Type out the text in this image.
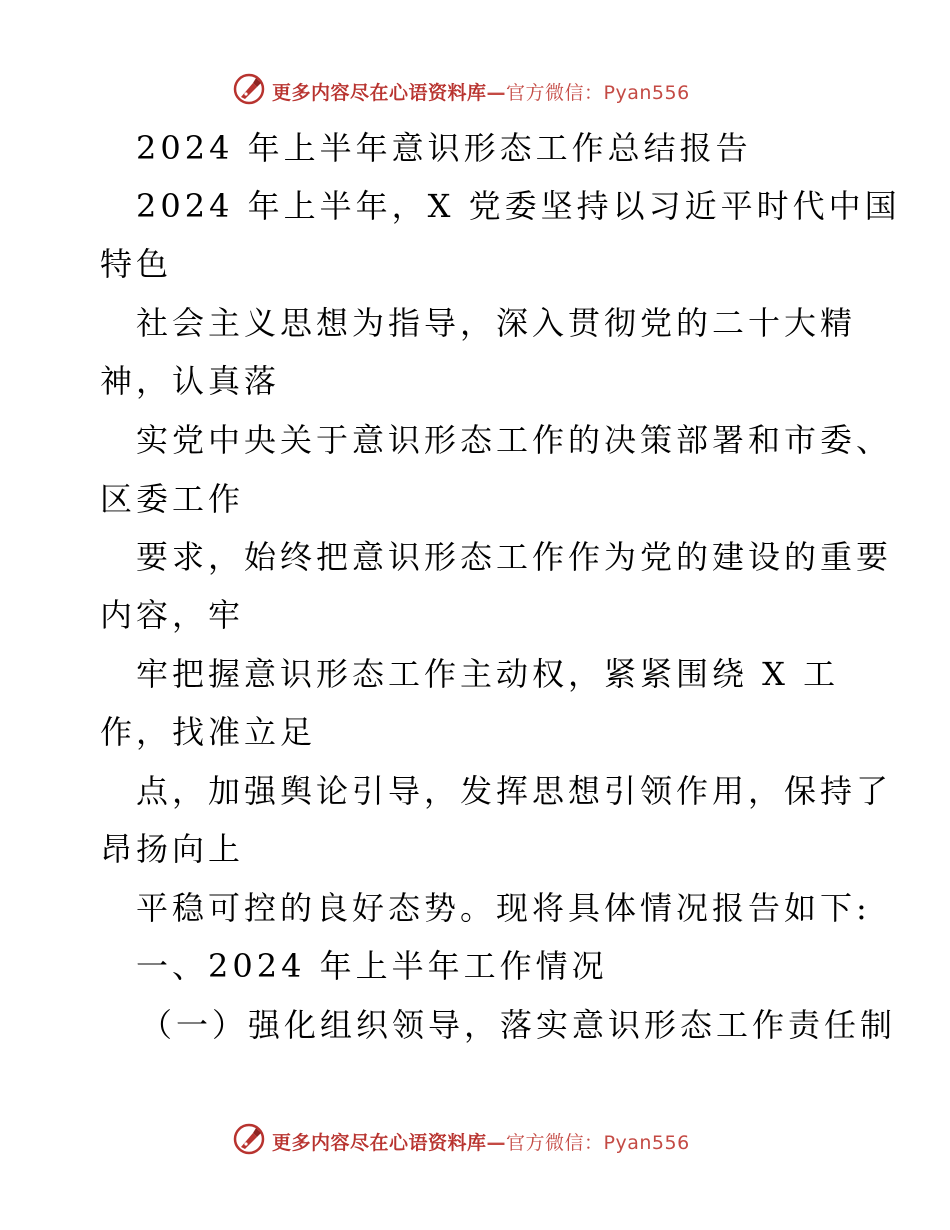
更多内容尽在心语资料库—官方微信：Pyan556
2024 年上半年意识形态工作总结报告
2024 年上半年，X 党委坚持以习近平时代中国
特色
社会主义思想为指导，深入贯彻党的二十大精
神，认真落
实党中央关于意识形态工作的决策部署和市委、
区委工作
要求，始终把意识形态工作作为党的建设的重要
内容，牢
牢把握意识形态工作主动权，紧紧围绕 X 工
作，找准立足
点，加强舆论引导，发挥思想引领作用，保持了
昂扬向上
平稳可控的良好态势。现将具体情况报告如下:
一、2024 年上半年工作情况
（一）强化组织领导，落实意识形态工作责任制
更多内容尽在心语资料库—官方微信：Pyan556
